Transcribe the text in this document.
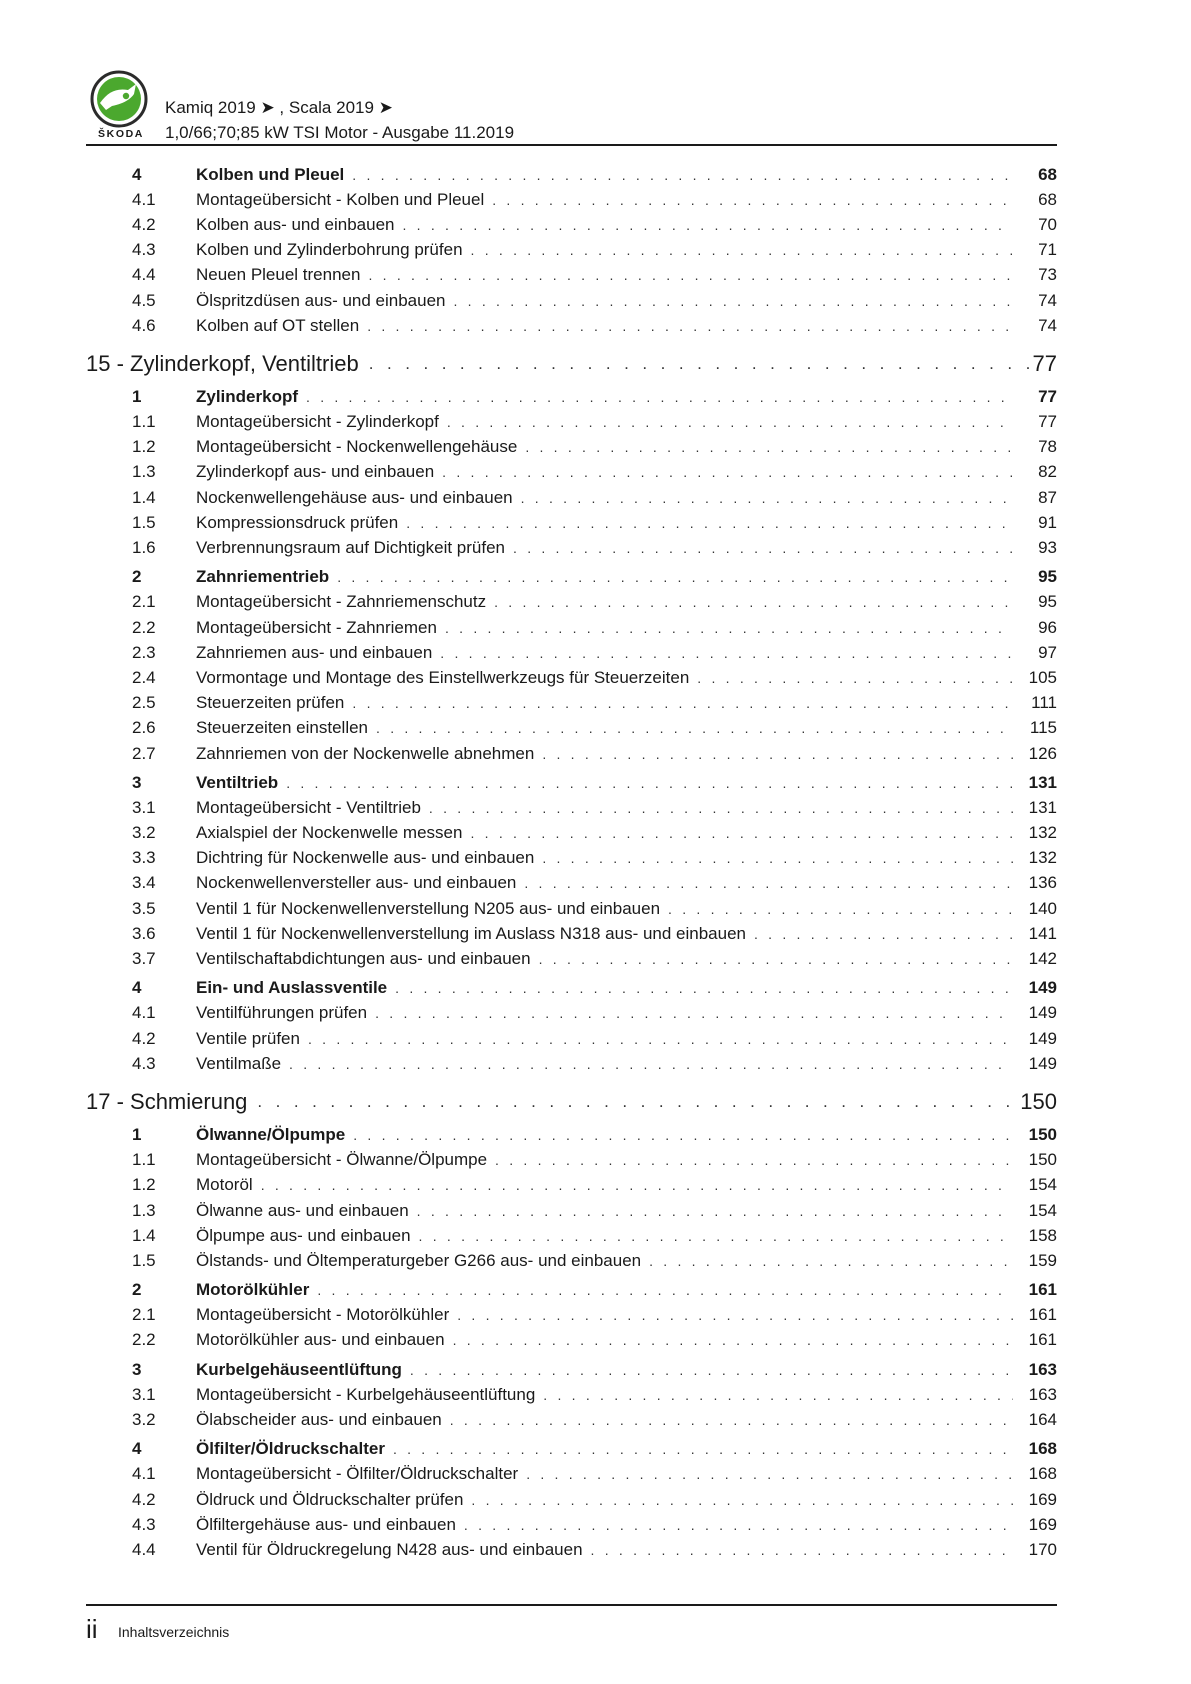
ŠKODA
Kamiq 2019 ➤ , Scala 2019 ➤
1,0/66;70;85 kW TSI Motor - Ausgabe 11.2019
4	Kolben und Pleuel . . .	68
4.1	Montageübersicht - Kolben und Pleuel . . .	68
4.2	Kolben aus- und einbauen . . .	70
4.3	Kolben und Zylinderbohrung prüfen . . .	71
4.4	Neuen Pleuel trennen . . .	73
4.5	Ölspritzdüsen aus- und einbauen . . .	74
4.6	Kolben auf OT stellen . . .	74
15 - Zylinderkopf, Ventiltrieb . . .	77
1	Zylinderkopf . . .	77
1.1	Montageübersicht - Zylinderkopf . . .	77
1.2	Montageübersicht - Nockenwellengehäuse . . .	78
1.3	Zylinderkopf aus- und einbauen . . .	82
1.4	Nockenwellengehäuse aus- und einbauen . . .	87
1.5	Kompressionsdruck prüfen . . .	91
1.6	Verbrennungsraum auf Dichtigkeit prüfen . . .	93
2	Zahnriementrieb . . .	95
2.1	Montageübersicht - Zahnriemenschutz . . .	95
2.2	Montageübersicht - Zahnriemen . . .	96
2.3	Zahnriemen aus- und einbauen . . .	97
2.4	Vormontage und Montage des Einstellwerkzeugs für Steuerzeiten . . .	105
2.5	Steuerzeiten prüfen . . .	111
2.6	Steuerzeiten einstellen . . .	115
2.7	Zahnriemen von der Nockenwelle abnehmen . . .	126
3	Ventiltrieb . . .	131
3.1	Montageübersicht - Ventiltrieb . . .	131
3.2	Axialspiel der Nockenwelle messen . . .	132
3.3	Dichtring für Nockenwelle aus- und einbauen . . .	132
3.4	Nockenwellenversteller aus- und einbauen . . .	136
3.5	Ventil 1 für Nockenwellenverstellung N205 aus- und einbauen . . .	140
3.6	Ventil 1 für Nockenwellenverstellung im Auslass N318 aus- und einbauen . . .	141
3.7	Ventilschaftabdichtungen aus- und einbauen . . .	142
4	Ein- und Auslassventile . . .	149
4.1	Ventilführungen prüfen . . .	149
4.2	Ventile prüfen . . .	149
4.3	Ventilmaße . . .	149
17 - Schmierung . . .	150
1	Ölwanne/Ölpumpe . . .	150
1.1	Montageübersicht - Ölwanne/Ölpumpe . . .	150
1.2	Motoröl . . .	154
1.3	Ölwanne aus- und einbauen . . .	154
1.4	Ölpumpe aus- und einbauen . . .	158
1.5	Ölstands- und Öltemperaturgeber G266 aus- und einbauen . . .	159
2	Motorölkühler . . .	161
2.1	Montageübersicht - Motorölkühler . . .	161
2.2	Motorölkühler aus- und einbauen . . .	161
3	Kurbelgehäuseentlüftung . . .	163
3.1	Montageübersicht - Kurbelgehäuseentlüftung . . .	163
3.2	Ölabscheider aus- und einbauen . . .	164
4	Ölfilter/Öldruckschalter . . .	168
4.1	Montageübersicht - Ölfilter/Öldruckschalter . . .	168
4.2	Öldruck und Öldruckschalter prüfen . . .	169
4.3	Ölfiltergehäuse aus- und einbauen . . .	169
4.4	Ventil für Öldruckregelung N428 aus- und einbauen . . .	170
ii Inhaltsverzeichnis
